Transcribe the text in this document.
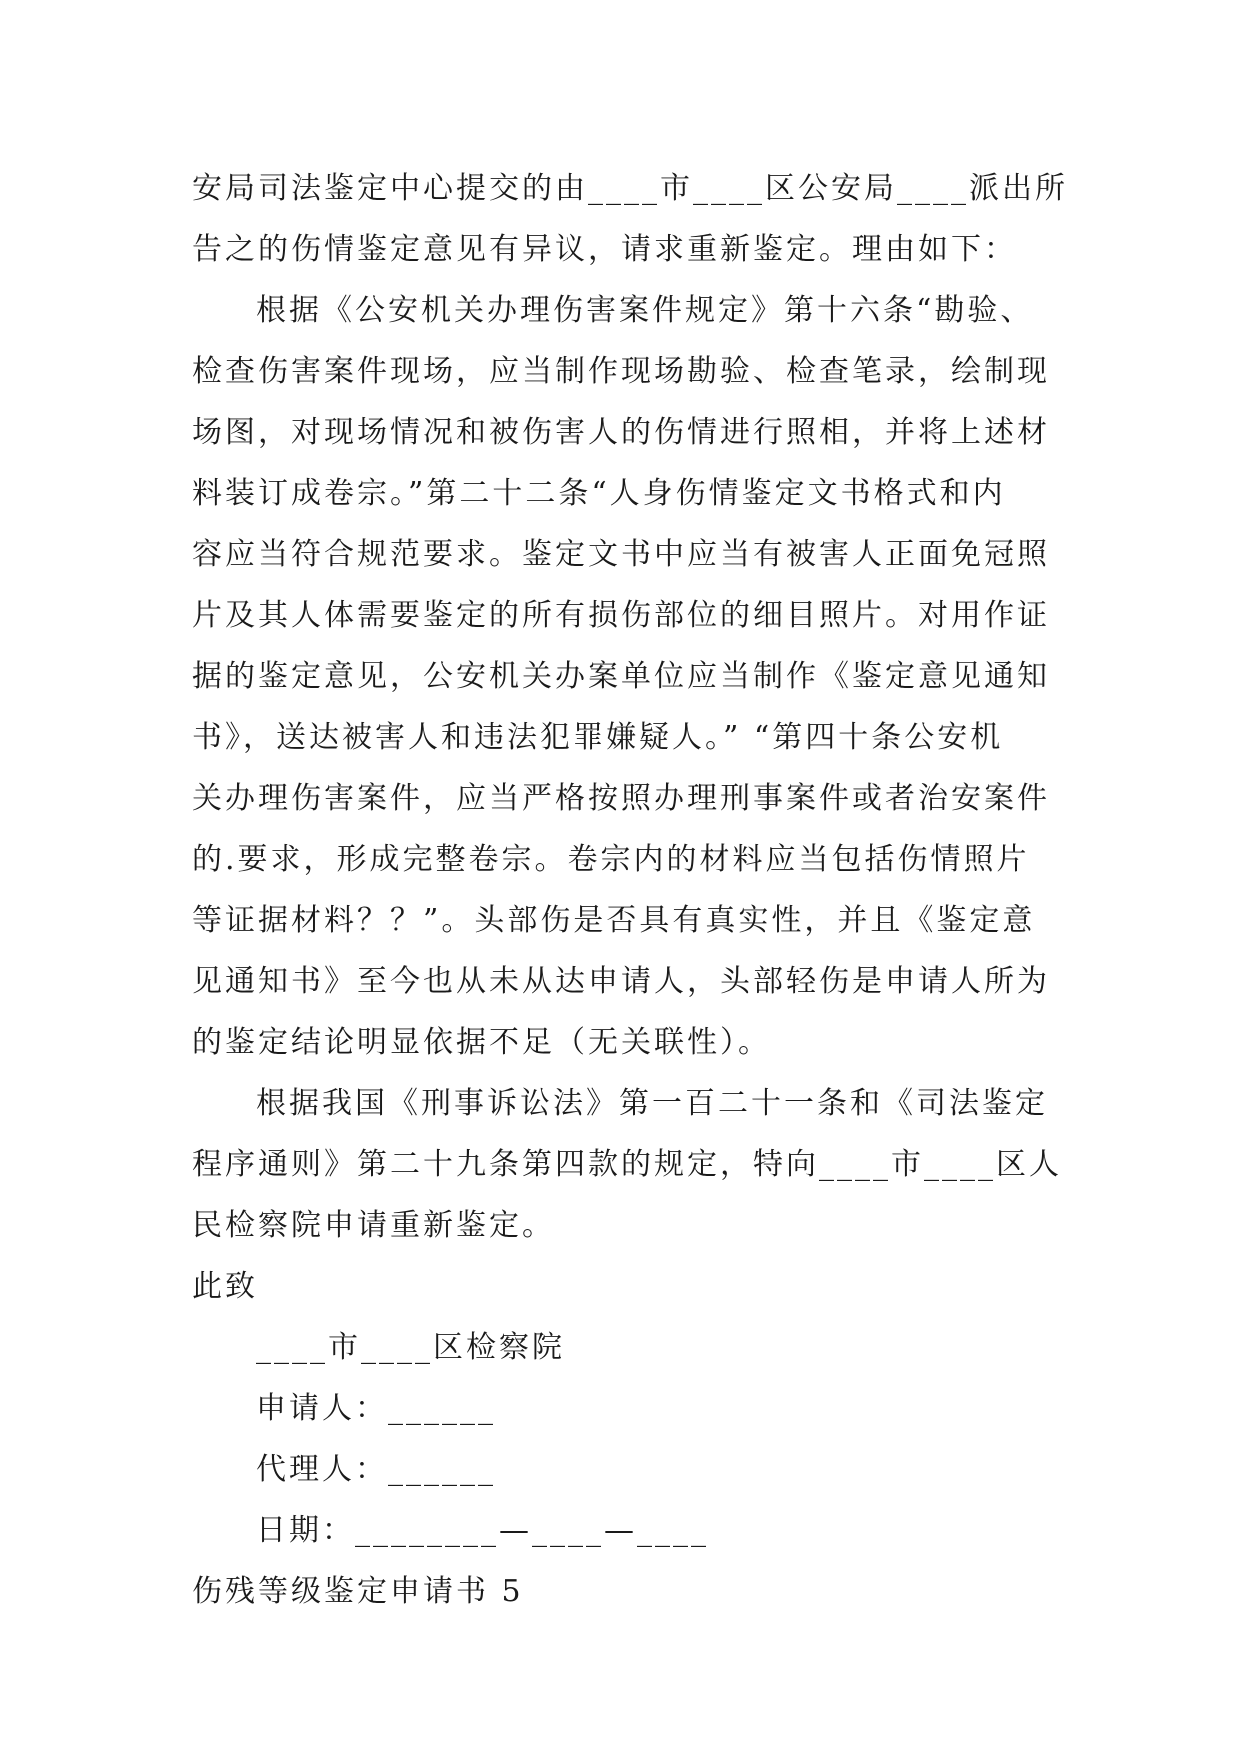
安局司法鉴定中心提交的由____市____区公安局____派出所
告之的伤情鉴定意见有异议，请求重新鉴定。理由如下：
根据《公安机关办理伤害案件规定》第十六条“勘验、
检查伤害案件现场，应当制作现场勘验、检查笔录，绘制现
场图，对现场情况和被伤害人的伤情进行照相，并将上述材
料装订成卷宗。”第二十二条“人身伤情鉴定文书格式和内
容应当符合规范要求。鉴定文书中应当有被害人正面免冠照
片及其人体需要鉴定的所有损伤部位的细目照片。对用作证
据的鉴定意见，公安机关办案单位应当制作《鉴定意见通知
书》，送达被害人和违法犯罪嫌疑人。” “第四十条公安机
关办理伤害案件，应当严格按照办理刑事案件或者治安案件
的.要求，形成完整卷宗。卷宗内的材料应当包括伤情照片
等证据材料？？”。头部伤是否具有真实性，并且《鉴定意
见通知书》至今也从未从达申请人，头部轻伤是申请人所为
的鉴定结论明显依据不足（无关联性）。
根据我国《刑事诉讼法》第一百二十一条和《司法鉴定
程序通则》第二十九条第四款的规定，特向____市____区人
民检察院申请重新鉴定。
此致
____市____区检察院
申请人：______
代理人：______
日期：________—____—____
伤残等级鉴定申请书 5
